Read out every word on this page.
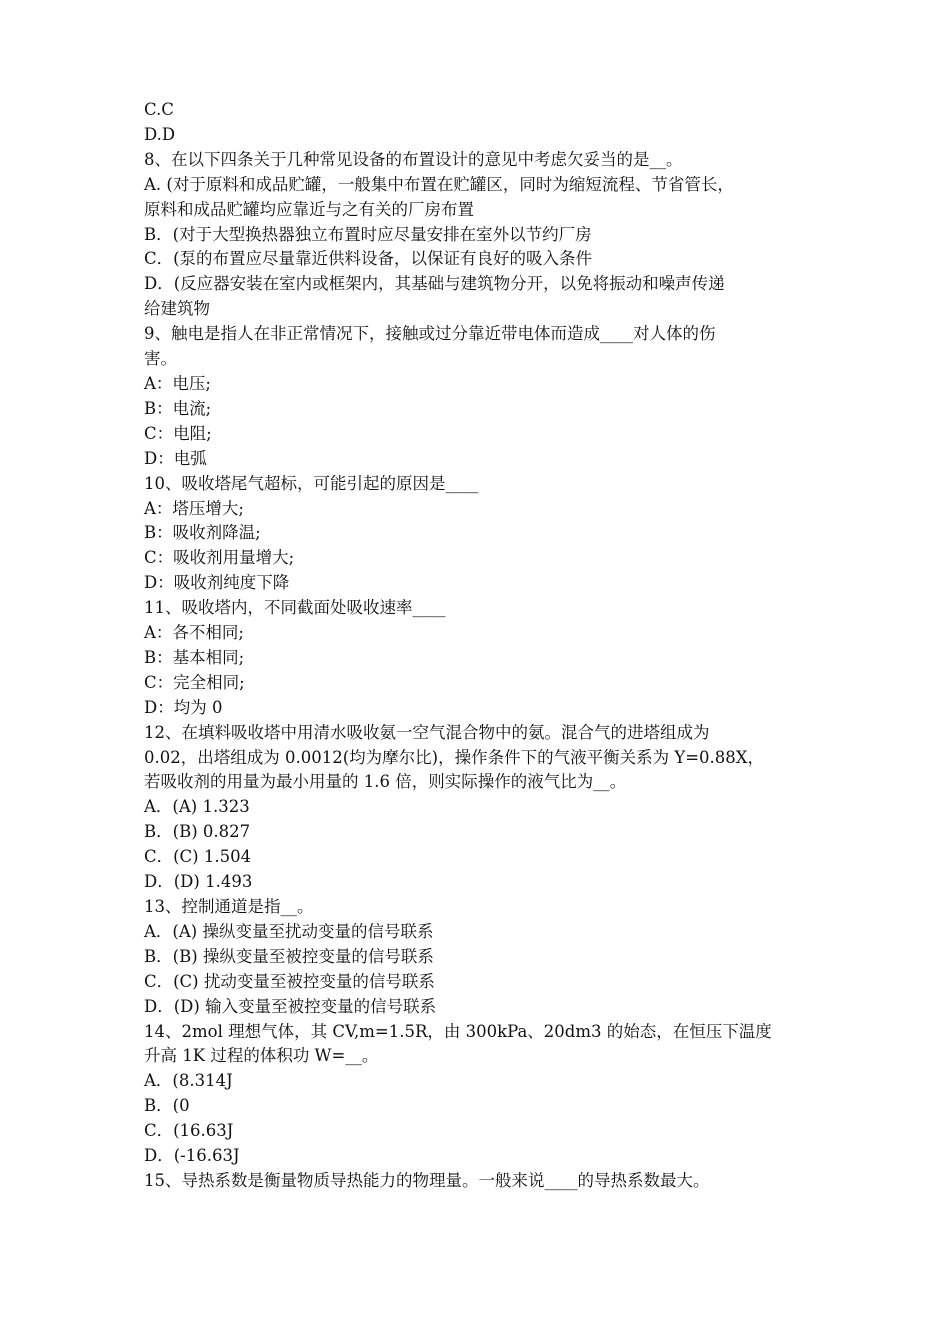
C.C
D.D
8、在以下四条关于几种常见设备的布置设计的意见中考虑欠妥当的是__。
A. (对于原料和成品贮罐，一般集中布置在贮罐区，同时为缩短流程、节省管长，
原料和成品贮罐均应靠近与之有关的厂房布置
B．(对于大型换热器独立布置时应尽量安排在室外以节约厂房
C．(泵的布置应尽量靠近供料设备，以保证有良好的吸入条件
D．(反应器安装在室内或框架内，其基础与建筑物分开，以免将振动和噪声传递
给建筑物
9、触电是指人在非正常情况下，接触或过分靠近带电体而造成____对人体的伤
害。
A：电压;
B：电流;
C：电阻;
D：电弧
10、吸收塔尾气超标，可能引起的原因是____
A：塔压增大;
B：吸收剂降温;
C：吸收剂用量增大;
D：吸收剂纯度下降
11、吸收塔内，不同截面处吸收速率____
A：各不相同;
B：基本相同;
C：完全相同;
D：均为 0
12、在填料吸收塔中用清水吸收氨一空气混合物中的氨。混合气的进塔组成为
0.02，出塔组成为 0.0012(均为摩尔比)，操作条件下的气液平衡关系为 Y=0.88X，
若吸收剂的用量为最小用量的 1.6 倍，则实际操作的液气比为__。
A．(A) 1.323
B．(B) 0.827
C．(C) 1.504
D．(D) 1.493
13、控制通道是指__。
A．(A) 操纵变量至扰动变量的信号联系
B．(B) 操纵变量至被控变量的信号联系
C．(C) 扰动变量至被控变量的信号联系
D．(D) 输入变量至被控变量的信号联系
14、2mol 理想气体，其 CV,m=1.5R，由 300kPa、20dm3 的始态，在恒压下温度
升高 1K 过程的体积功 W=__。
A．(8.314J
B．(0
C．(16.63J
D．(-16.63J
15、导热系数是衡量物质导热能力的物理量。一般来说____的导热系数最大。
